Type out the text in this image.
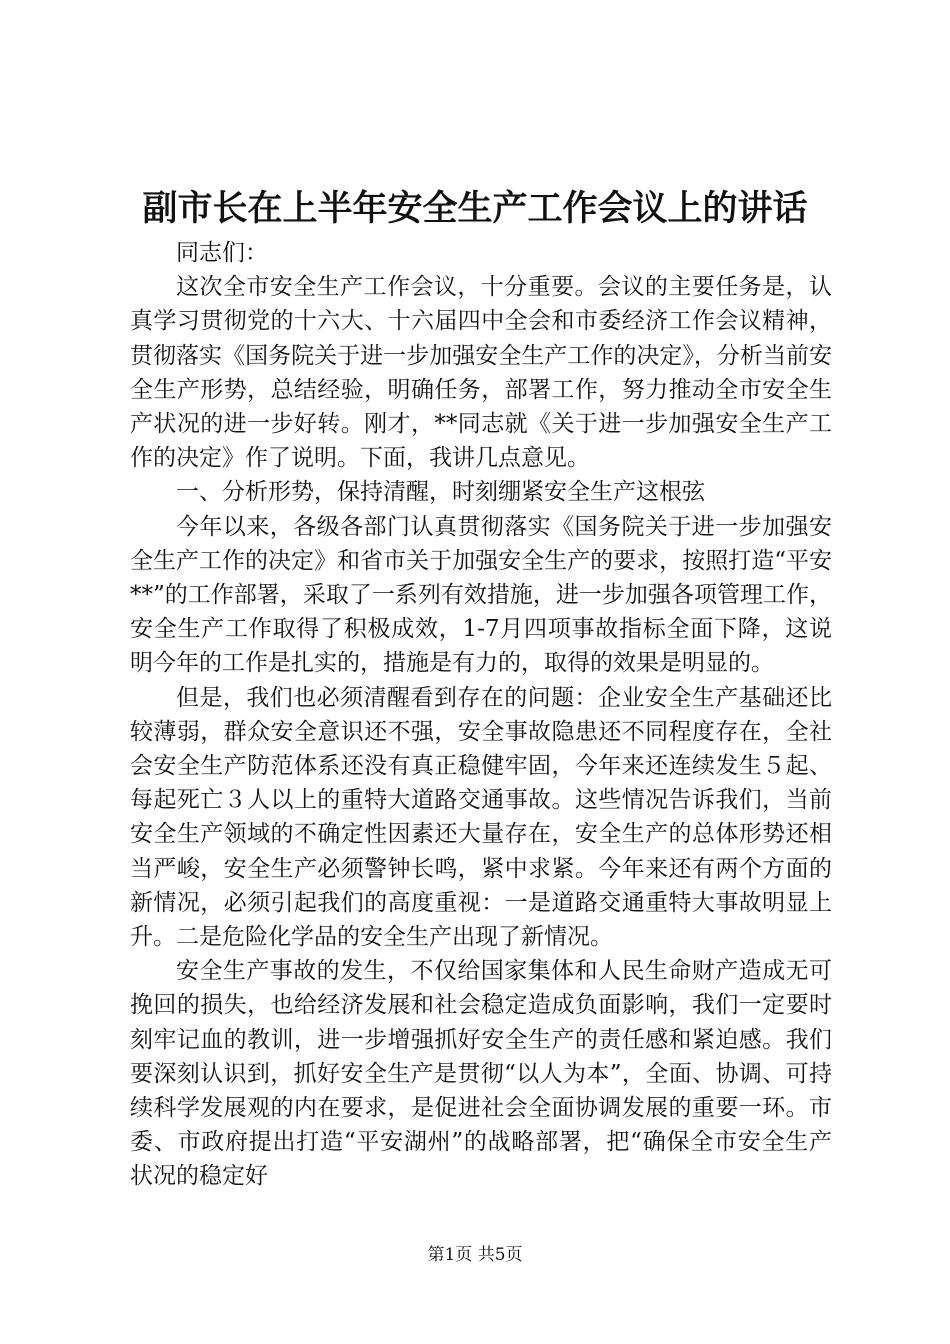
副市长在上半年安全生产工作会议上的讲话

同志们：

这次全市安全生产工作会议，十分重要。会议的主要任务是，认真学习贯彻党的十六大、十六届四中全会和市委经济工作会议精神，贯彻落实《国务院关于进一步加强安全生产工作的决定》，分析当前安全生产形势，总结经验，明确任务，部署工作，努力推动全市安全生产状况的进一步好转。刚才，**同志就《关于进一步加强安全生产工作的决定》作了说明。下面，我讲几点意见。

一、分析形势，保持清醒，时刻绷紧安全生产这根弦

今年以来，各级各部门认真贯彻落实《国务院关于进一步加强安全生产工作的决定》和省市关于加强安全生产的要求，按照打造“平安**”的工作部署，采取了一系列有效措施，进一步加强各项管理工作，安全生产工作取得了积极成效，1-7月四项事故指标全面下降，这说明今年的工作是扎实的，措施是有力的，取得的效果是明显的。

但是，我们也必须清醒看到存在的问题：企业安全生产基础还比较薄弱，群众安全意识还不强，安全事故隐患还不同程度存在，全社会安全生产防范体系还没有真正稳健牢固，今年来还连续发生５起、每起死亡３人以上的重特大道路交通事故。这些情况告诉我们，当前安全生产领域的不确定性因素还大量存在，安全生产的总体形势还相当严峻，安全生产必须警钟长鸣，紧中求紧。今年来还有两个方面的新情况，必须引起我们的高度重视：一是道路交通重特大事故明显上升。二是危险化学品的安全生产出现了新情况。

安全生产事故的发生，不仅给国家集体和人民生命财产造成无可挽回的损失，也给经济发展和社会稳定造成负面影响，我们一定要时刻牢记血的教训，进一步增强抓好安全生产的责任感和紧迫感。我们要深刻认识到，抓好安全生产是贯彻“以人为本”，全面、协调、可持续科学发展观的内在要求，是促进社会全面协调发展的重要一环。市委、市政府提出打造“平安湖州”的战略部署，把“确保全市安全生产状况的稳定好

第1页 共5页
